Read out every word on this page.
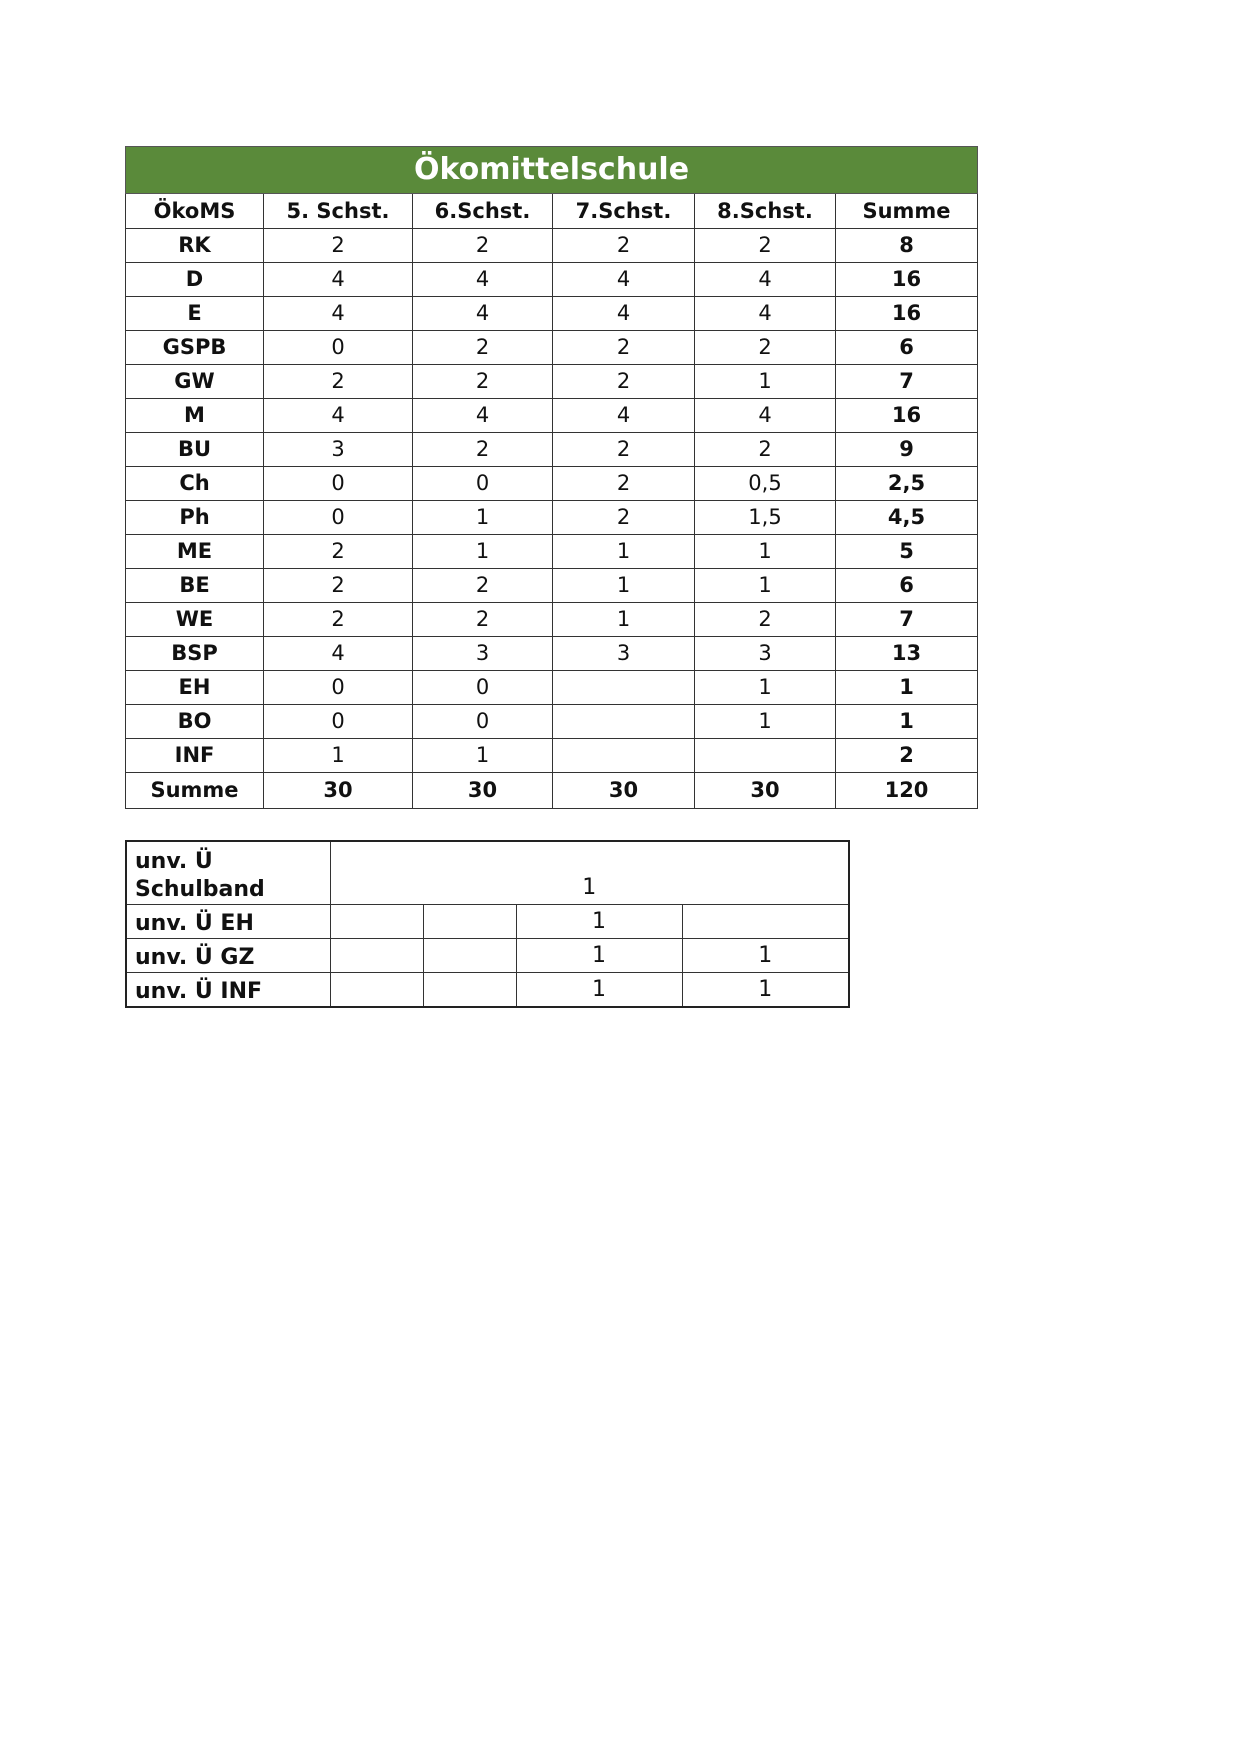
Ökomittelschule					
ÖkoMS	5. Schst.	6.Schst.	7.Schst.	8.Schst.	Summe
RK	2	2	2	2	8
D	4	4	4	4	16
E	4	4	4	4	16
GSPB	0	2	2	2	6
GW	2	2	2	1	7
M	4	4	4	4	16
BU	3	2	2	2	9
Ch	0	0	2	0,5	2,5
Ph	0	1	2	1,5	4,5
ME	2	1	1	1	5
BE	2	2	1	1	6
WE	2	2	1	2	7
BSP	4	3	3	3	13
EH	0	0		1	1
BO	0	0		1	1
INF	1	1			2
Summe	30	30	30	30	120
unv. Ü Schulband	1			
unv. Ü EH			1	
unv. Ü GZ			1	1
unv. Ü INF			1	1
